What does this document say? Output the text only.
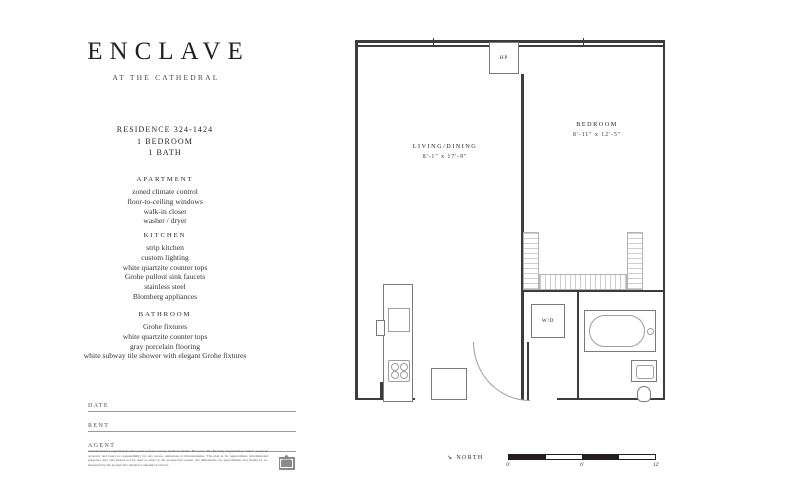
ENCLAVE
AT THE CATHEDRAL
RESIDENCE 324-1424
1 BEDROOM
1 BATH
APARTMENT
zoned climate control
floor-to-ceiling windows
walk-in closet
washer / dryer
KITCHEN
strip kitchen
custom lighting
white quartzite counter tops
Grohe pullout sink faucets
stainless steel
Blomberg appliances
BATHROOM
Grohe fixtures
white quartzite counter tops
gray porcelain flooring
white subway tile shower with elegant Grohe fixtures
DATE
RENT
AGENT
All information regarding the floor plan is from sources deemed reliable. However, The Brodsky Organization cannot assure its accuracy and bears no responsibility for any errors, omissions or misstatements. The plan is for approximate informational purposes only and should not be used as such by the prospective tenant. All dimensions are approximate and should be re-measured by the prospective tenant for absolute accuracy.
HP
LIVING/DINING
8'-1" x 17'-9"
BEDROOM
8'-11" x 12'-5"
W/D
↘ NORTH
0'	6'	12'
